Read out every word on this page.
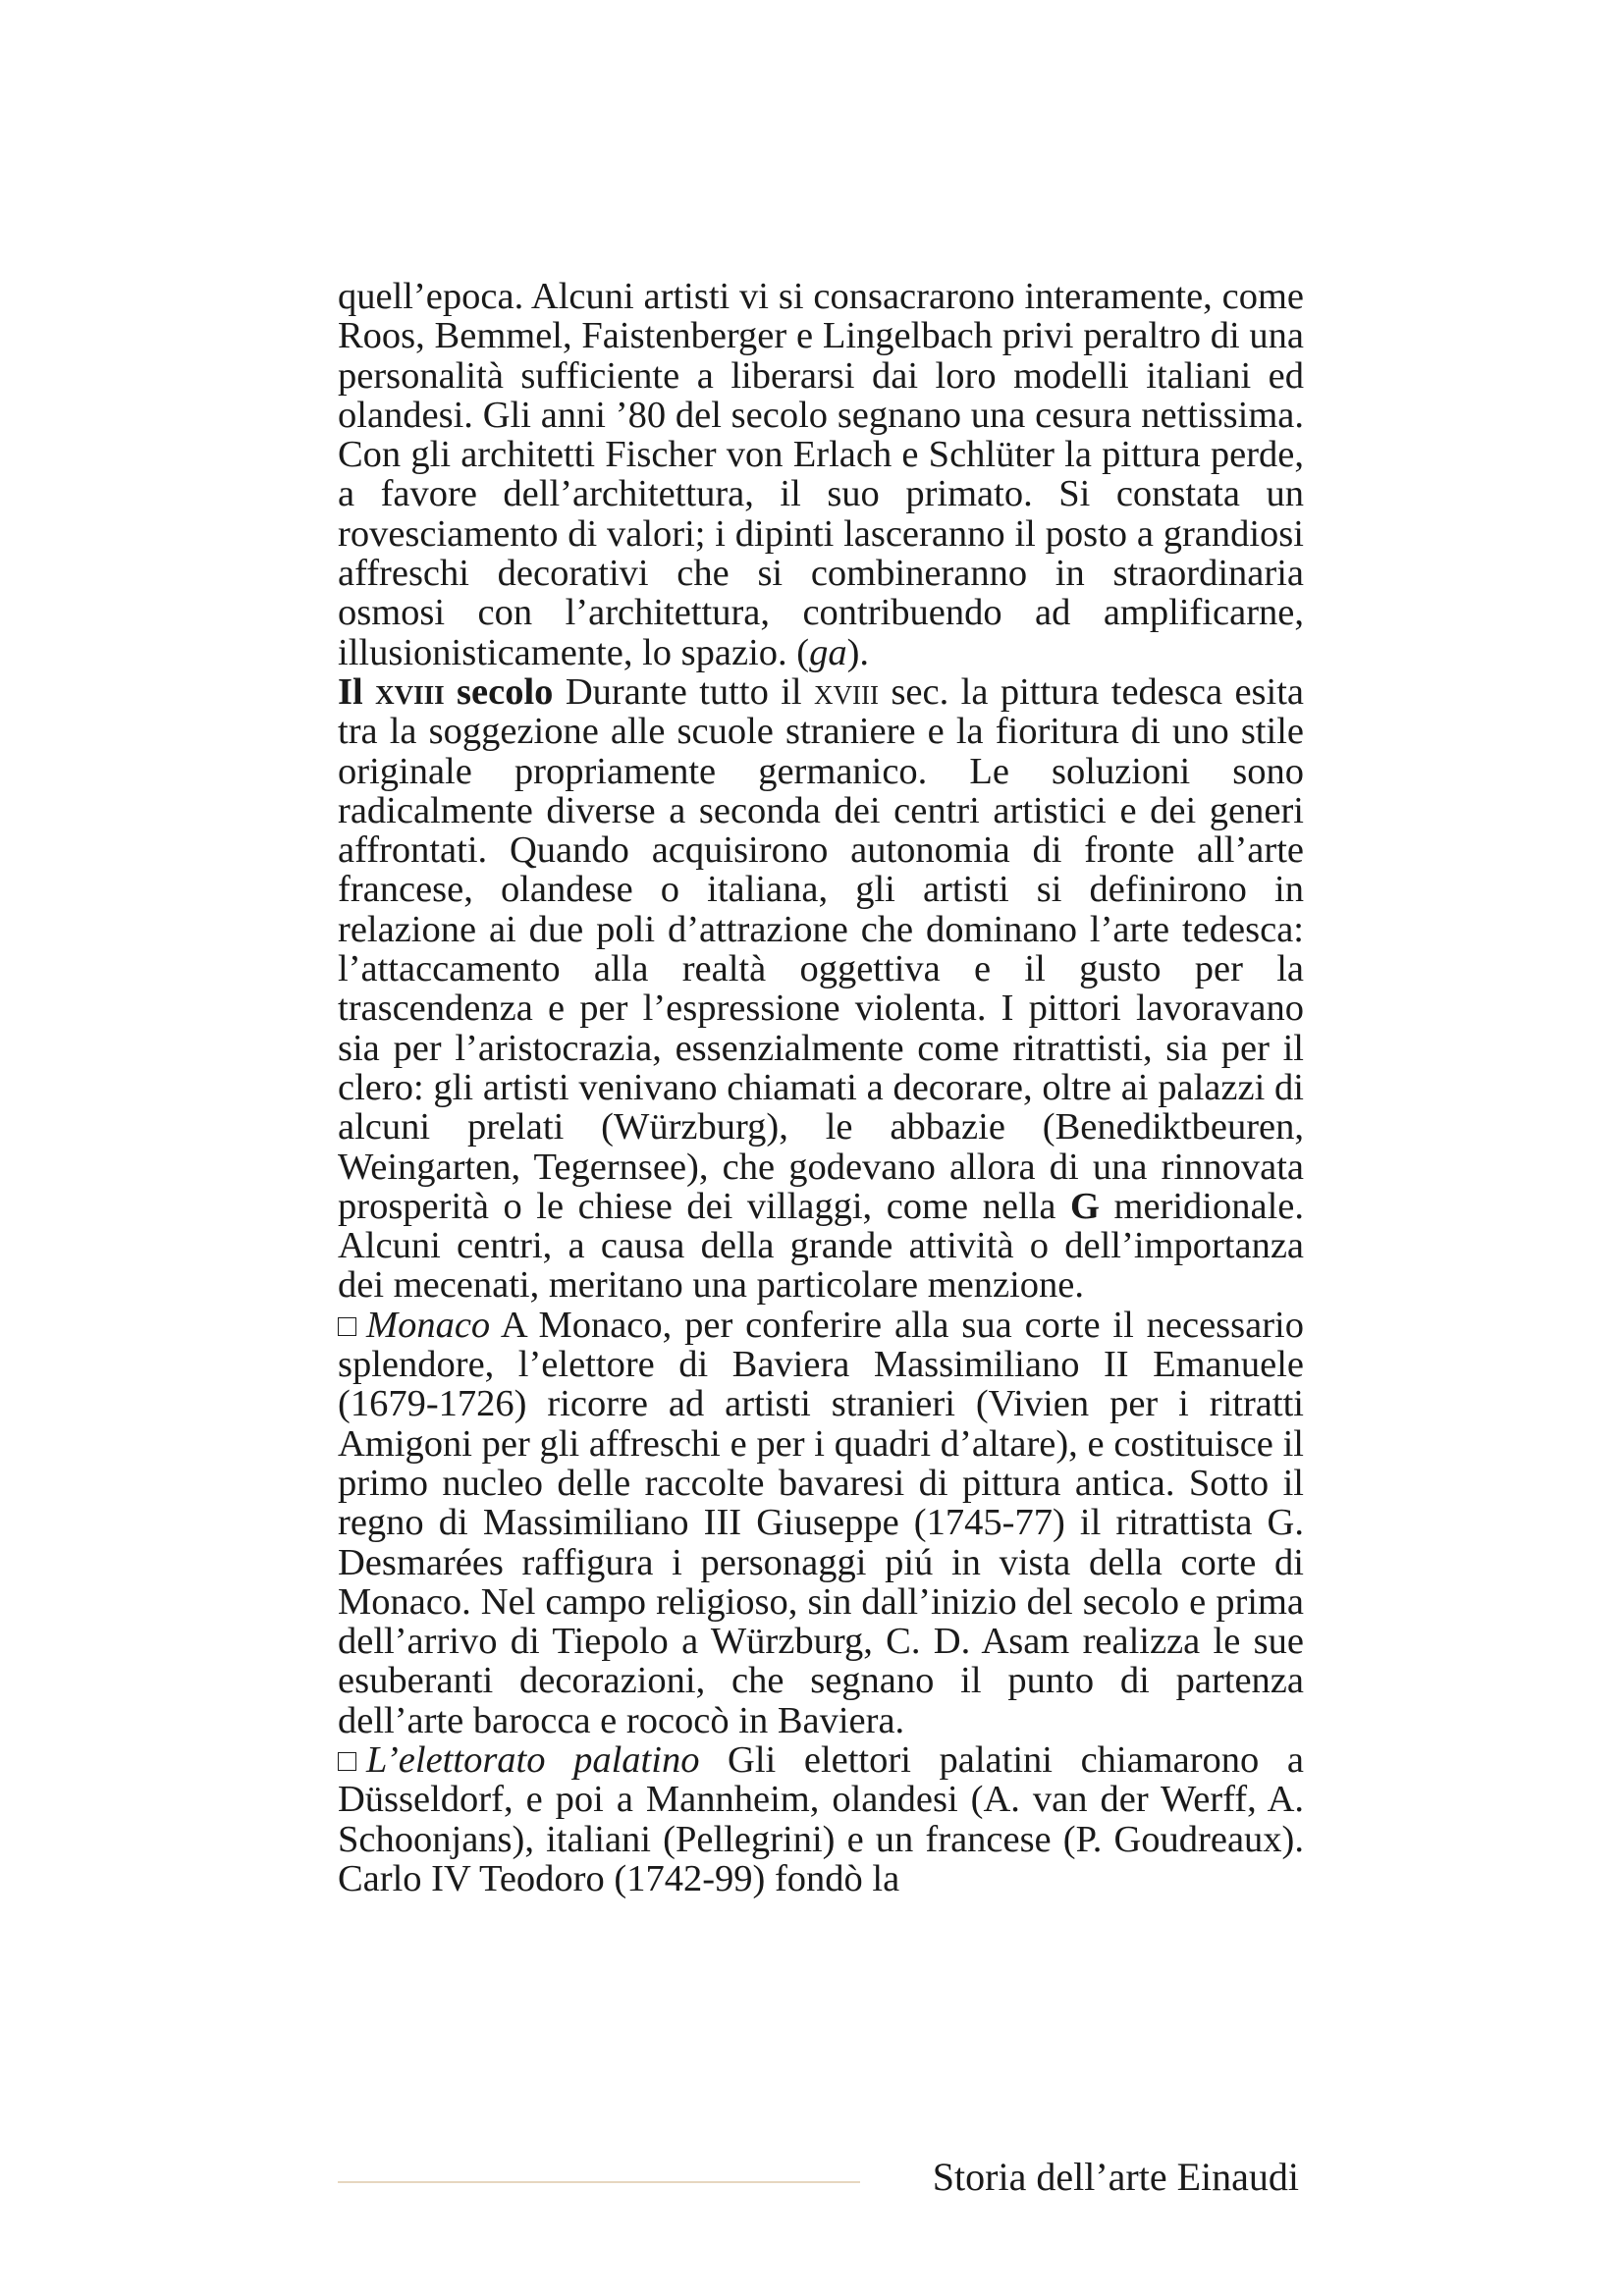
quell’epoca. Alcuni artisti vi si consacrarono interamente, come Roos, Bemmel, Faistenberger e Lingelbach privi peraltro di una personalità sufficiente a liberarsi dai loro modelli italiani ed olandesi. Gli anni ’80 del secolo segnano una cesura nettissima. Con gli architetti Fischer von Erlach e Schlüter la pittura perde, a favore dell’architettura, il suo primato. Si constata un rovesciamento di valori; i dipinti lasceranno il posto a grandiosi affreschi decorativi che si combineranno in straordinaria osmosi con l’architettura, contribuendo ad amplificarne, illusionisticamente, lo spazio. (ga).

Il xviii secolo Durante tutto il xviii sec. la pittura tedesca esita tra la soggezione alle scuole straniere e la fioritura di uno stile originale propriamente germanico. Le soluzioni sono radicalmente diverse a seconda dei centri artistici e dei generi affrontati. Quando acquisirono autonomia di fronte all’arte francese, olandese o italiana, gli artisti si definirono in relazione ai due poli d’attrazione che dominano l’arte tedesca: l’attaccamento alla realtà oggettiva e il gusto per la trascendenza e per l’espressione violenta. I pittori lavoravano sia per l’aristocrazia, essenzialmente come ritrattisti, sia per il clero: gli artisti venivano chiamati a decorare, oltre ai palazzi di alcuni prelati (Würzburg), le abbazie (Benediktbeuren, Weingarten, Tegernsee), che godevano allora di una rinnovata prosperità o le chiese dei villaggi, come nella G meridionale. Alcuni centri, a causa della grande attività o dell’importanza dei mecenati, meritano una particolare menzione.

Monaco A Monaco, per conferire alla sua corte il necessario splendore, l’elettore di Baviera Massimiliano II Emanuele (1679-1726) ricorre ad artisti stranieri (Vivien per i ritratti Amigoni per gli affreschi e per i quadri d’altare), e costituisce il primo nucleo delle raccolte bavaresi di pittura antica. Sotto il regno di Massimiliano III Giuseppe (1745-77) il ritrattista G. Desmarées raffigura i personaggi piú in vista della corte di Monaco. Nel campo religioso, sin dall’inizio del secolo e prima dell’arrivo di Tiepolo a Würzburg, C. D. Asam realizza le sue esuberanti decorazioni, che segnano il punto di partenza dell’arte barocca e rococò in Baviera.

L’elettorato palatino Gli elettori palatini chiamarono a Düsseldorf, e poi a Mannheim, olandesi (A. van der Werff, A. Schoonjans), italiani (Pellegrini) e un francese (P. Goudreaux). Carlo IV Teodoro (1742-99) fondò la

Storia dell’arte Einaudi
